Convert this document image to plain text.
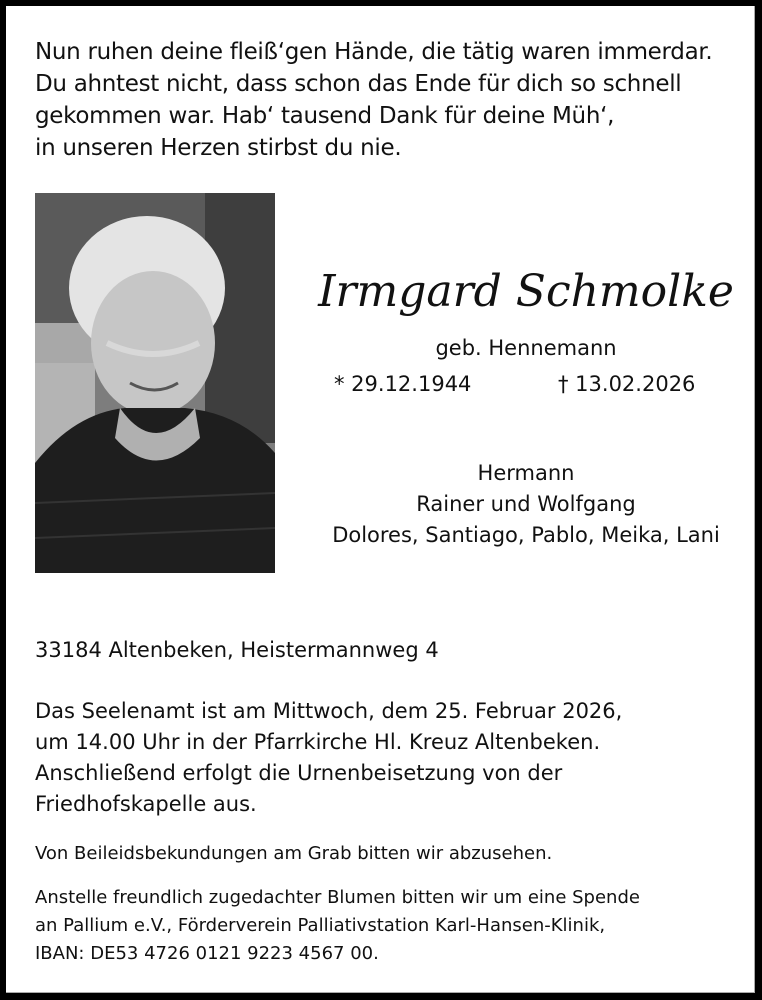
Nun ruhen deine fleiß‘gen Hände, die tätig waren immerdar.
Du ahntest nicht, dass schon das Ende für dich so schnell
gekommen war. Hab‘ tausend Dank für deine Müh‘,
in unseren Herzen stirbst du nie.
Irmgard Schmolke
geb. Hennemann
* 29.12.1944	† 13.02.2026
Hermann
Rainer und Wolfgang
Dolores, Santiago, Pablo, Meika, Lani
33184 Altenbeken, Heistermannweg 4
Das Seelenamt ist am Mittwoch, dem 25. Februar 2026,
um 14.00 Uhr in der Pfarrkirche Hl. Kreuz Altenbeken.
Anschließend erfolgt die Urnenbeisetzung von der
Friedhofskapelle aus.
Von Beileidsbekundungen am Grab bitten wir abzusehen.
Anstelle freundlich zugedachter Blumen bitten wir um eine Spende
an Pallium e.V., Förderverein Palliativstation Karl-Hansen-Klinik,
IBAN: DE53 4726 0121 9223 4567 00.
